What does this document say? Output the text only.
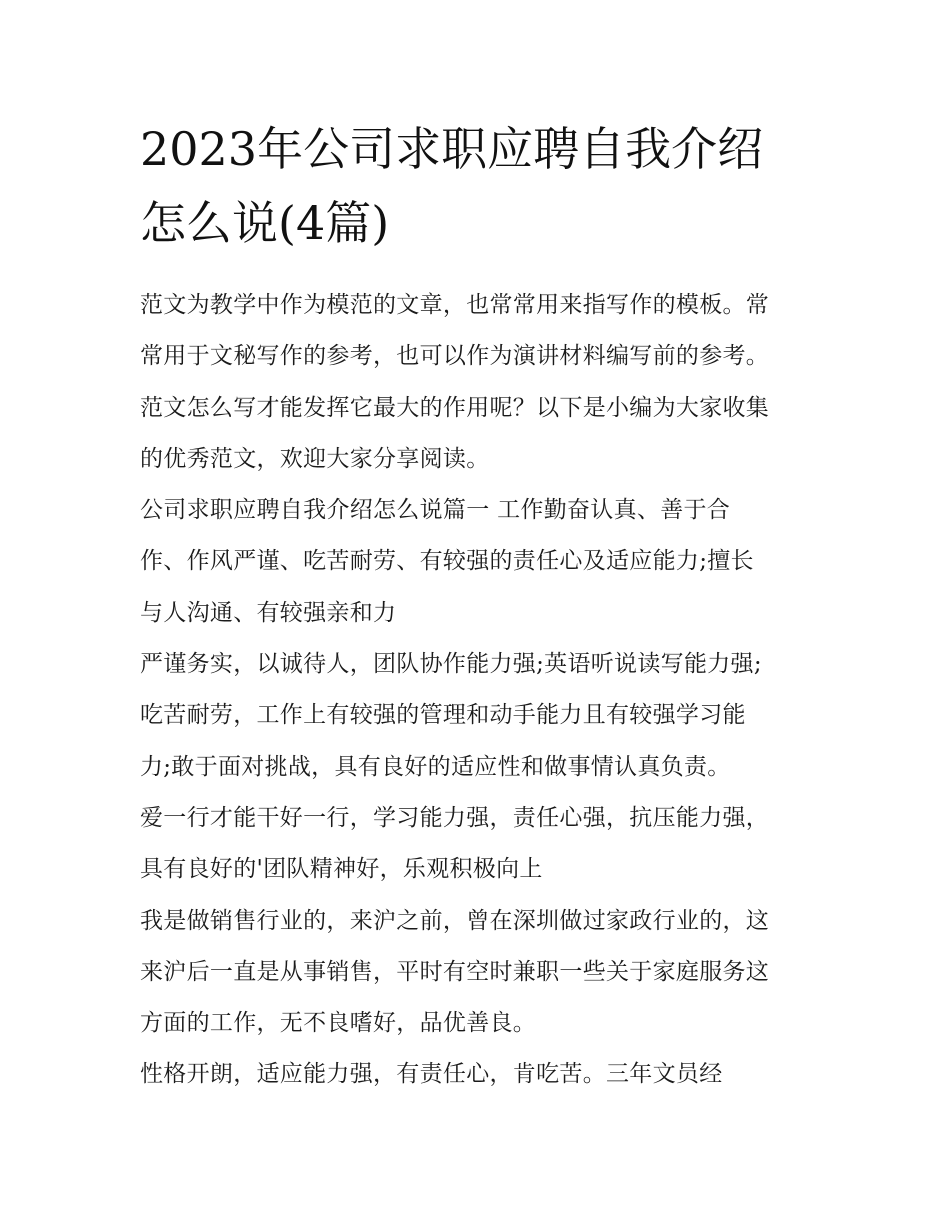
2023年公司求职应聘自我介绍
怎么说(4篇)
范文为教学中作为模范的文章，也常常用来指写作的模板。常
常用于文秘写作的参考，也可以作为演讲材料编写前的参考。
范文怎么写才能发挥它最大的作用呢？以下是小编为大家收集
的优秀范文，欢迎大家分享阅读。
公司求职应聘自我介绍怎么说篇一 工作勤奋认真、善于合
作、作风严谨、吃苦耐劳、有较强的责任心及适应能力;擅长
与人沟通、有较强亲和力
严谨务实，以诚待人，团队协作能力强;英语听说读写能力强;
吃苦耐劳，工作上有较强的管理和动手能力且有较强学习能
力;敢于面对挑战，具有良好的适应性和做事情认真负责。
爱一行才能干好一行，学习能力强，责任心强，抗压能力强，
具有良好的'团队精神好，乐观积极向上
我是做销售行业的，来沪之前，曾在深圳做过家政行业的，这
来沪后一直是从事销售，平时有空时兼职一些关于家庭服务这
方面的工作，无不良嗜好，品优善良。
性格开朗，适应能力强，有责任心，肯吃苦。三年文员经
